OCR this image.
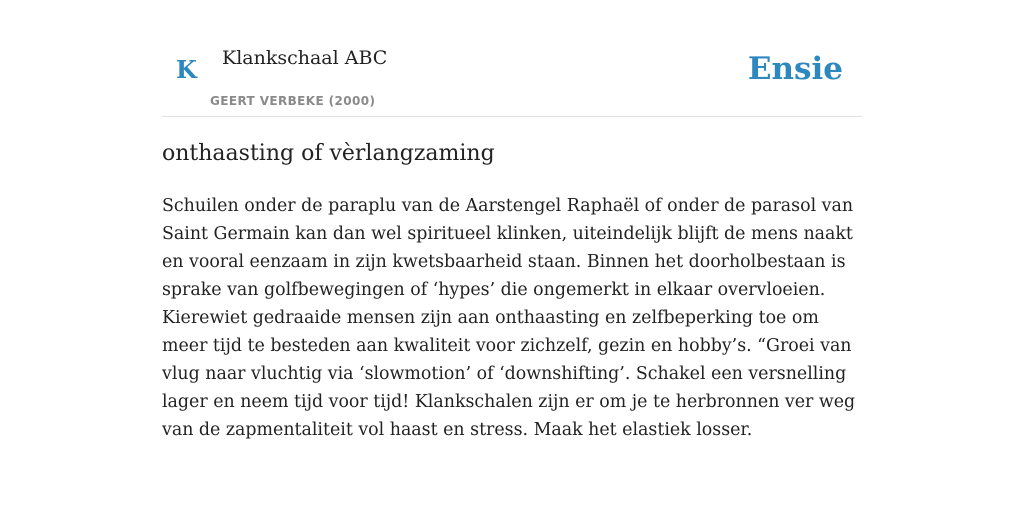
K Klankschaal ABC
GEERT VERBEKE (2000)
Ensie
onthaasting of vèrlangzaming

Schuilen onder de paraplu van de Aarstengel Raphaël of onder de parasol van Saint Germain kan dan wel spiritueel klinken, uiteindelijk blijft de mens naakt en vooral eenzaam in zijn kwetsbaarheid staan. Binnen het doorholbestaan is sprake van golfbewegingen of ‘hypes’ die ongemerkt in elkaar overvloeien. Kierewiet gedraaide mensen zijn aan onthaasting en zelfbeperking toe om meer tijd te besteden aan kwaliteit voor zichzelf, gezin en hobby’s. “Groei van vlug naar vluchtig via ‘slowmotion’ of ‘downshifting’. Schakel een versnelling lager en neem tijd voor tijd! Klankschalen zijn er om je te herbronnen ver weg van de zapmentaliteit vol haast en stress. Maak het elastiek losser.
